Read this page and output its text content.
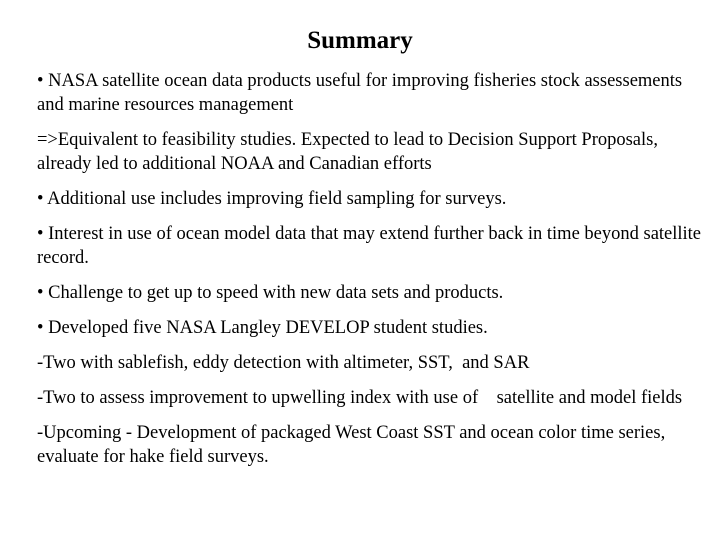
Summary

• NASA satellite ocean data products useful for improving fisheries stock assessements and marine resources management

=>Equivalent to feasibility studies. Expected to lead to Decision Support Proposals, already led to additional NOAA and Canadian efforts

• Additional use includes improving field sampling for surveys.

• Interest in use of ocean model data that may extend further back in time beyond satellite record.

• Challenge to get up to speed with new data sets and products.

• Developed five NASA Langley DEVELOP student studies.

-Two with sablefish, eddy detection with altimeter, SST,  and SAR

-Two to assess improvement to upwelling index with use of    satellite and model fields

-Upcoming - Development of packaged West Coast SST and ocean color time series, evaluate for hake field surveys.
